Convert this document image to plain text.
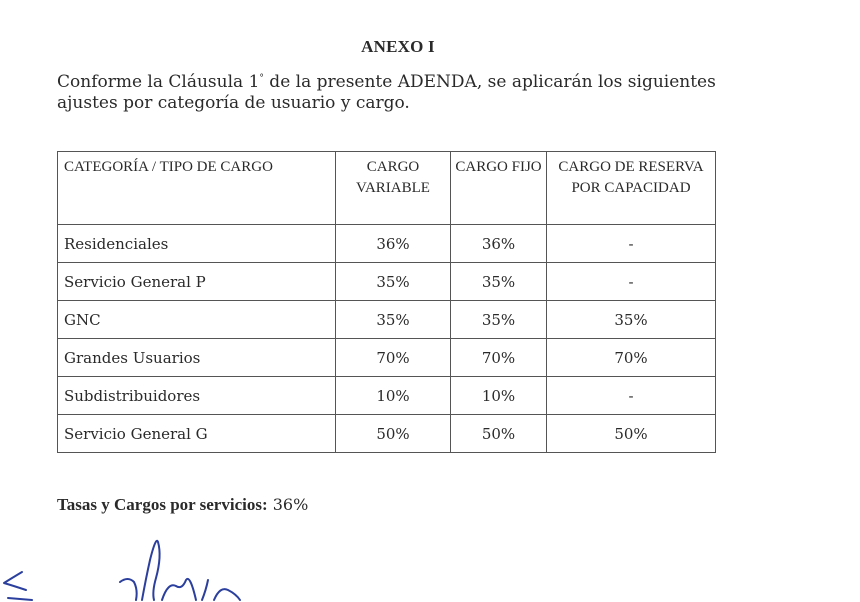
ANEXO I
Conforme la Cláusula 1° de la presente ADENDA, se aplicarán los siguientes ajustes por categoría de usuario y cargo.
CATEGORÍA / TIPO DE CARGO	CARGO VARIABLE	CARGO FIJO	CARGO DE RESERVA POR CAPACIDAD
Residenciales	36%	36%	-
Servicio General P	35%	35%	-
GNC	35%	35%	35%
Grandes Usuarios	70%	70%	70%
Subdistribuidores	10%	10%	-
Servicio General G	50%	50%	50%
Tasas y Cargos por servicios: 36%
